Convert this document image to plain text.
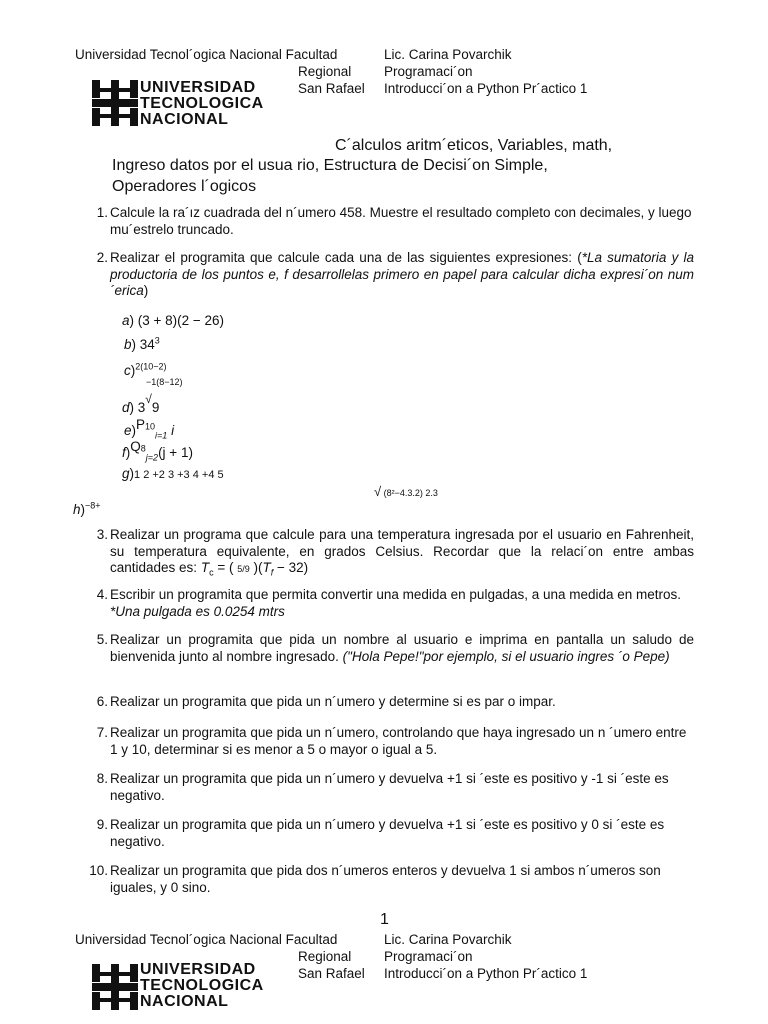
Universidad Tecnol´ogica Nacional Facultad
Regional
San Rafael
Lic. Carina Povarchik
Programaci´on
Introducci´on a Python Pr´actico 1
UNIVERSIDAD
TECNOLOGICA
NACIONAL
C´alculos aritm´eticos, Variables, math,
Ingreso datos por el usua rio, Estructura de Decisi´on Simple,
Operadores l´ogicos
1. Calcule la ra´ız cuadrada del n´umero 458. Muestre el resultado completo con decimales, y luego mu´estrelo truncado.
2. Realizar el programita que calcule cada una de las siguientes expresiones: (*La sumatoria y la productoria de los puntos e, f desarrollelas primero en papel para calcular dicha expresi´on num´erica)
a) (3 + 8)(2 − 26)
b) $34^3$
c)$^{2(10-2)}$
−1(8−12)
d) 3√9
$e)P^{10}_{i=1}$ i
$f)Q^8_{j=2}(j + 1)$
g)1 2 +2 3 +3 4 +4 5
√ (8²−4.3.2) 2.3
h)$^{-8+}$
3. Realizar un programa que calcule para una temperatura ingresada por el usuario en Fahrenheit, su temperatura equivalente, en grados Celsius. Recordar que la relaci´on entre ambas cantidades es: $T_c$ = ( 5/9 )$(T_f - 32)$
4. Escribir un programita que permita convertir una medida en pulgadas, a una medida en metros. *Una pulgada es 0.0254 mtrs
5. Realizar un programita que pida un nombre al usuario e imprima en pantalla un saludo de bienvenida junto al nombre ingresado. ("Hola Pepe!"por ejemplo, si el usuario ingres ´o Pepe)
6. Realizar un programita que pida un n´umero y determine si es par o impar.
7. Realizar un programita que pida un n´umero, controlando que haya ingresado un n ´umero entre 1 y 10, determinar si es menor a 5 o mayor o igual a 5.
8. Realizar un programita que pida un n´umero y devuelva +1 si ´este es positivo y -1 si ´este es negativo.
9. Realizar un programita que pida un n´umero y devuelva +1 si ´este es positivo y 0 si ´este es negativo.
10. Realizar un programita que pida dos n´umeros enteros y devuelva 1 si ambos n´umeros son iguales, y 0 sino.
1
Universidad Tecnol´ogica Nacional Facultad
Regional
San Rafael
Lic. Carina Povarchik
Programaci´on
Introducci´on a Python Pr´actico 1
UNIVERSIDAD
TECNOLOGICA
NACIONAL
